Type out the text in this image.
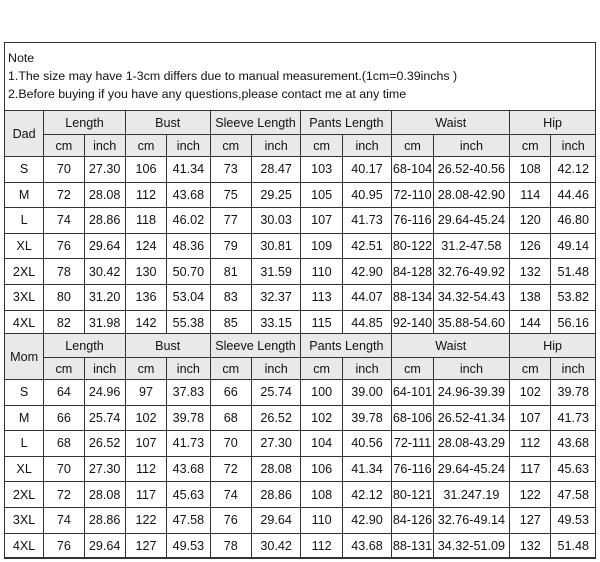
Note
1.The size may have 1-3cm differs due to manual measurement.(1cm=0.39inchs )
2.Before buying if you have any questions,please contact me at any time
Dad	Length		Bust		Sleeve Length		Pants Length		Waist		Hip	
	cm	inch	cm	inch	cm	inch	cm	inch	cm	inch	cm	inch
S	70	27.30	106	41.34	73	28.47	103	40.17	68-104	26.52-40.56	108	42.12
M	72	28.08	112	43.68	75	29.25	105	40.95	72-110	28.08-42.90	114	44.46
L	74	28.86	118	46.02	77	30.03	107	41.73	76-116	29.64-45.24	120	46.80
XL	76	29.64	124	48.36	79	30.81	109	42.51	80-122	31.2-47.58	126	49.14
2XL	78	30.42	130	50.70	81	31.59	110	42.90	84-128	32.76-49.92	132	51.48
3XL	80	31.20	136	53.04	83	32.37	113	44.07	88-134	34.32-54.43	138	53.82
4XL	82	31.98	142	55.38	85	33.15	115	44.85	92-140	35.88-54.60	144	56.16
Mom	Length		Bust		Sleeve Length		Pants Length		Waist		Hip	
	cm	inch	cm	inch	cm	inch	cm	inch	cm	inch	cm	inch
S	64	24.96	97	37.83	66	25.74	100	39.00	64-101	24.96-39.39	102	39.78
M	66	25.74	102	39.78	68	26.52	102	39.78	68-106	26.52-41.34	107	41.73
L	68	26.52	107	41.73	70	27.30	104	40.56	72-111	28.08-43.29	112	43.68
XL	70	27.30	112	43.68	72	28.08	106	41.34	76-116	29.64-45.24	117	45.63
2XL	72	28.08	117	45.63	74	28.86	108	42.12	80-121	31.247.19	122	47.58
3XL	74	28.86	122	47.58	76	29.64	110	42.90	84-126	32.76-49.14	127	49.53
4XL	76	29.64	127	49.53	78	30.42	112	43.68	88-131	34.32-51.09	132	51.48
